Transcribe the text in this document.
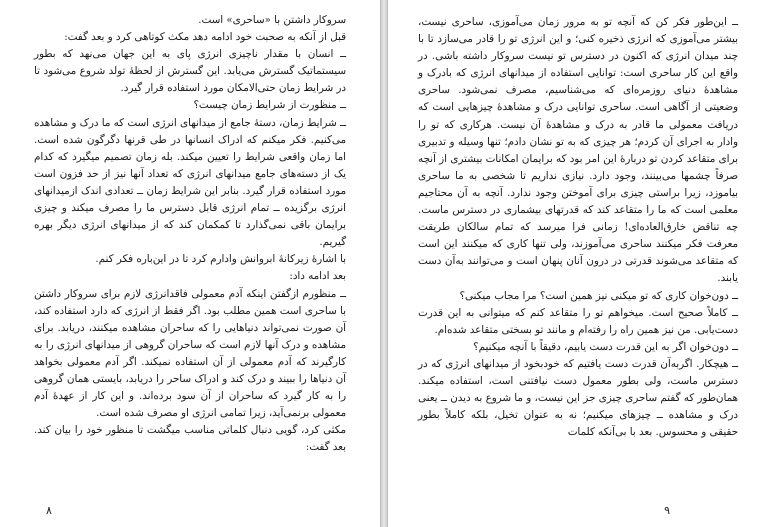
سروکار داشتن با «ساحری» است.

قبل از آنکه به صحبت خود ادامه دهد مکث کوتاهی کرد و بعد گفت:

ــ انسان با مقدار ناچیزی انرژی پای به این جهان می‌نهد که بطور سیستماتیک گسترش می‌یابد. این گسترش از لحظهٔ تولد شروع می‌شود تا در شرایط زمان حتی‌الامکان مورد استفاده قرار گیرد.

ــ منظورت از شرایط زمان چیست؟

ــ شرایط زمان، دستهٔ جامع از میدانهای انرژی است که ما درک و مشاهده می‌کنیم. فکر میکنم که ادراک انسانها در طی قرنها دگرگون شده است. اما زمان واقعی شرایط را تعیین میکند. بله زمان تصمیم میگیرد که کدام یک از دسته‌های جامع میدانهای انرژی که تعداد آنها نیز از حد فزون است مورد استفاده قرار گیرد. بنابر این شرایط زمان ــ تعدادی اندک ازمیدانهای انرژی برگزیده ــ تمام انرژی قابل دسترس ما را مصرف میکند و چیزی برایمان باقی نمی‌گذارد تا کمکمان کند که از میدانهای انرژی دیگر بهره گیریم.

با اشارهٔ زیرکانهٔ ابروانش وادارم کرد تا در این‌باره فکر کنم.

بعد ادامه داد:

ــ منظورم ازگفتن اینکه آدم معمولی فاقدانرژی لازم برای سروکار داشتن با ساحری است همین مطلب بود. اگر فقط از انرژی که دارد استفاده کند، آن صورت نمی‌تواند دنیاهایی را که ساحران مشاهده میکنند، دریابد. برای مشاهده و درک آنها لازم است که ساحران گروهی از میدانهای انرژی را به کارگیرند که آدم معمولی از آن استفاده نمیکند. اگر آدم معمولی بخواهد آن دنیاها را ببیند و درک کند و ادراک ساحر را دریابد، بایستی همان گروهی را به کار گیرد که ساحران از آن سود برده‌اند. و این کار از عهدهٔ آدم معمولی برنمی‌آید، زیرا تمامی انرژی او مصرف شده است.

مکثی کرد، گویی دنبال کلماتی مناسب میگشت تا منظور خود را بیان کند. بعد گفت:

۸

ــ این‌طور فکر کن که آنچه تو به مرور زمان می‌آموزی، ساحری نیست، بیشتر می‌آموزی که انرژی ذخیره کنی؛ و این انرژی تو را قادر می‌سازد تا با چند میدان انرژی که اکنون در دسترس تو نیست سروکار داشته باشی. در واقع این کار ساحری است: توانایی استفاده از میدانهای انرژی که بادرک و مشاهدهٔ دنیای روزمره‌ای که می‌شناسیم، مصرف نمی‌شود. ساحری وضعیتی از آگاهی است. ساحری توانایی درک و مشاهدهٔ چیزهایی است که دریافت معمولی ما قادر به درک و مشاهدهٔ آن نیست. هرکاری که تو را وادار به اجرای آن کردم؛ هر چیزی که به تو نشان دادم؛ تنها وسیله و تدبیری برای متقاعد کردن تو دربارهٔ این امر بود که برایمان امکانات بیشتری از آنچه صرفاً چشمها می‌بینند، وجود دارد. نیازی نداریم تا شخصی به ما ساحری بیاموزد، زیرا براستی چیزی برای آموختن وجود ندارد. آنچه به آن محتاجیم معلمی است که ما را متقاعد کند که قدرتهای بیشماری در دسترس ماست. چه تناقض خارق‌العاده‌ای! زمانی فرا میرسد که تمام سالکان طریقت معرفت فکر میکنند ساحری می‌آموزند، ولی تنها کاری که میکنند این است که متقاعد می‌شوند قدرتی در درون آنان پنهان است و می‌توانند به‌آن دست یابند.

ــ دون‌خوان کاری که تو میکنی نیز همین است؟ مرا مجاب میکنی؟

ــ کاملاً صحیح است. میخواهم تو را متقاعد کنم که میتوانی به این قدرت دست‌یابی. من نیز همین راه را رفته‌ام و مانند تو بسختی متقاعد شده‌ام.

ــ دون‌خوان اگر به این قدرت دست یابیم، دقیقاً با آنچه میکنیم؟

ــ هیچکار. اگربه‌آن قدرت دست یافتیم که خودبخود از میدانهای انرژی که در دسترس ماست، ولی بطور معمول دست نیافتنی است، استفاده میکند. همان‌طور که گفتم ساحری چیزی جز این نیست، و ما شروع به دیدن ــ یعنی درک و مشاهده ــ چیزهای میکنیم؛ نه به عنوان تخیل، بلکه کاملاً بطور حقیقی و محسوس. بعد با بی‌آنکه کلمات

۹
